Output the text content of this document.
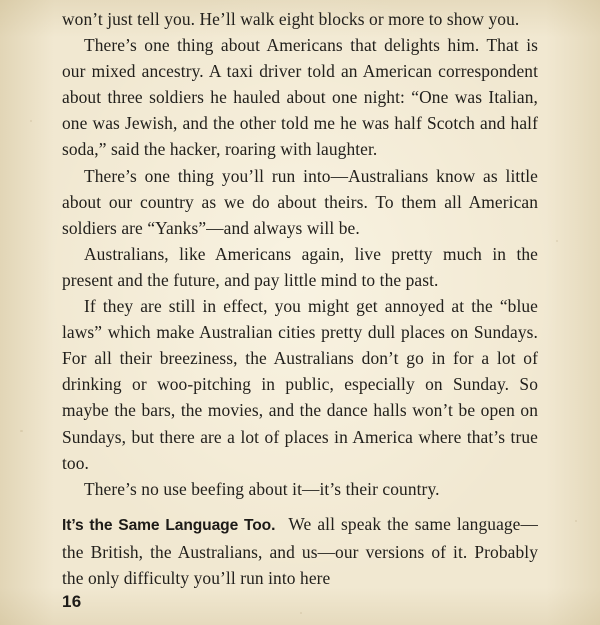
won’t just tell you. He’ll walk eight blocks or more to show you.

There’s one thing about Americans that delights him. That is our mixed ancestry. A taxi driver told an American correspondent about three soldiers he hauled about one night: “One was Italian, one was Jewish, and the other told me he was half Scotch and half soda,” said the hacker, roaring with laughter.

There’s one thing you’ll run into—Australians know as little about our country as we do about theirs. To them all American soldiers are “Yanks”—and always will be.

Australians, like Americans again, live pretty much in the present and the future, and pay little mind to the past.

If they are still in effect, you might get annoyed at the “blue laws” which make Australian cities pretty dull places on Sundays. For all their breeziness, the Australians don’t go in for a lot of drinking or woo-pitching in public, especially on Sunday. So maybe the bars, the movies, and the dance halls won’t be open on Sundays, but there are a lot of places in America where that’s true too.

There’s no use beefing about it—it’s their country.

It’s the Same Language Too. We all speak the same language—the British, the Australians, and us—our versions of it. Probably the only difficulty you’ll run into here

16
